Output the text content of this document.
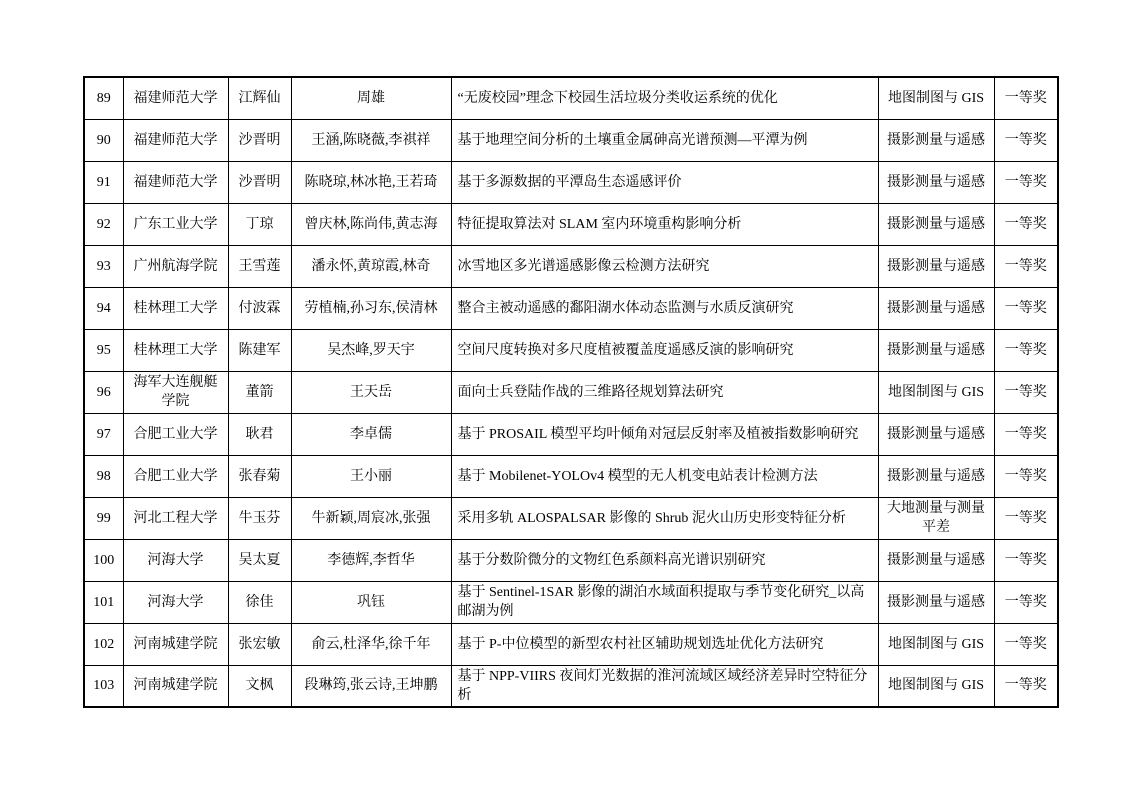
89	福建师范大学	江辉仙	周雄	“无废校园”理念下校园生活垃圾分类收运系统的优化	地图制图与 GIS	一等奖
90	福建师范大学	沙晋明	王涵,陈晓薇,李祺祥	基于地理空间分析的土壤重金属砷高光谱预测—平潭为例	摄影测量与遥感	一等奖
91	福建师范大学	沙晋明	陈晓琼,林冰艳,王若琦	基于多源数据的平潭岛生态遥感评价	摄影测量与遥感	一等奖
92	广东工业大学	丁琼	曾庆林,陈尚伟,黄志海	特征提取算法对 SLAM 室内环境重构影响分析	摄影测量与遥感	一等奖
93	广州航海学院	王雪莲	潘永怀,黄琼霞,林奇	冰雪地区多光谱遥感影像云检测方法研究	摄影测量与遥感	一等奖
94	桂林理工大学	付波霖	劳植楠,孙习东,侯清林	整合主被动遥感的鄱阳湖水体动态监测与水质反演研究	摄影测量与遥感	一等奖
95	桂林理工大学	陈建军	吴杰峰,罗天宇	空间尺度转换对多尺度植被覆盖度遥感反演的影响研究	摄影测量与遥感	一等奖
96	海军大连舰艇学院	董箭	王天岳	面向士兵登陆作战的三维路径规划算法研究	地图制图与 GIS	一等奖
97	合肥工业大学	耿君	李卓儒	基于 PROSAIL 模型平均叶倾角对冠层反射率及植被指数影响研究	摄影测量与遥感	一等奖
98	合肥工业大学	张春菊	王小丽	基于 Mobilenet-YOLOv4 模型的无人机变电站表计检测方法	摄影测量与遥感	一等奖
99	河北工程大学	牛玉芬	牛新颖,周宸冰,张强	采用多轨 ALOSPALSAR 影像的 Shrub 泥火山历史形变特征分析	大地测量与测量平差	一等奖
100	河海大学	吴太夏	李德辉,李哲华	基于分数阶微分的文物红色系颜料高光谱识别研究	摄影测量与遥感	一等奖
101	河海大学	徐佳	巩钰	基于 Sentinel-1SAR 影像的湖泊水域面积提取与季节变化研究_以高邮湖为例	摄影测量与遥感	一等奖
102	河南城建学院	张宏敏	俞云,杜泽华,徐千年	基于 P-中位模型的新型农村社区辅助规划选址优化方法研究	地图制图与 GIS	一等奖
103	河南城建学院	文枫	段琳筠,张云诗,王坤鹏	基于 NPP-VIIRS 夜间灯光数据的淮河流域区域经济差异时空特征分析	地图制图与 GIS	一等奖
